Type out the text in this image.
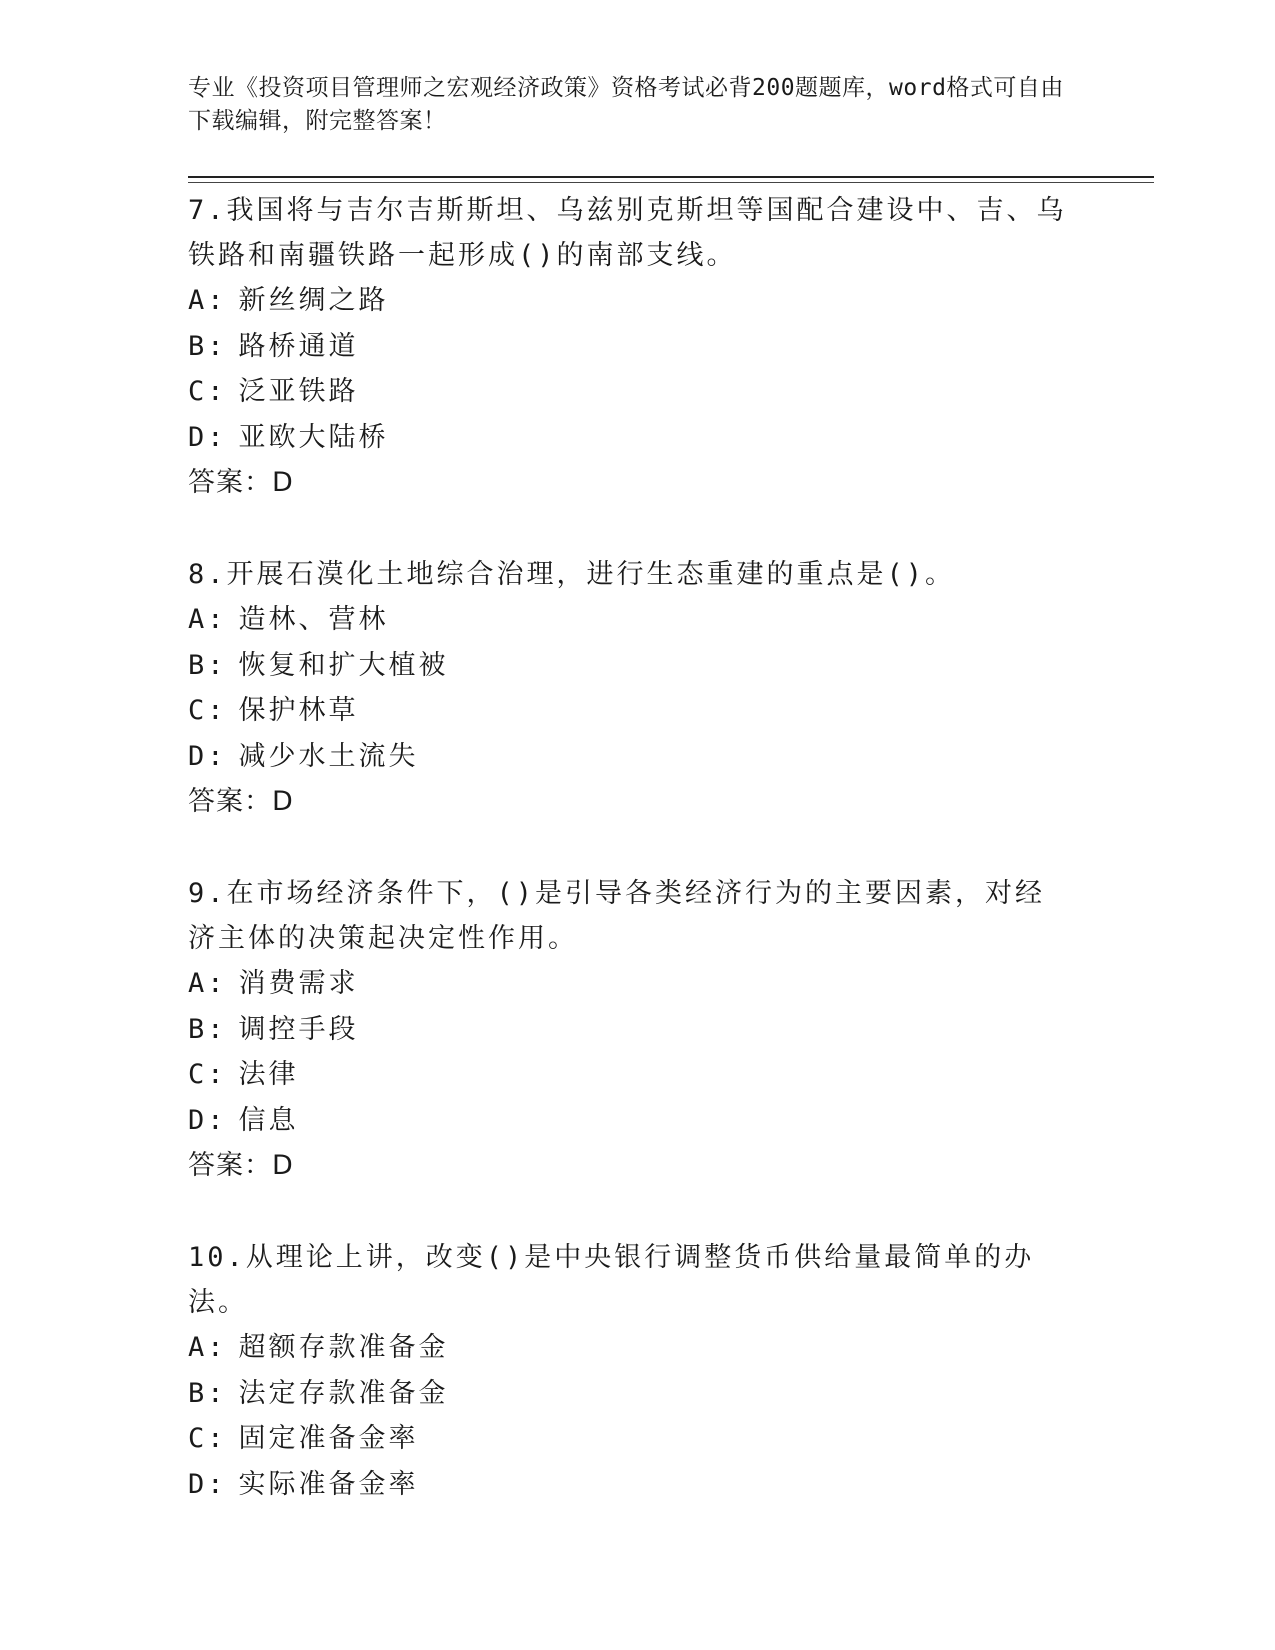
专业《投资项目管理师之宏观经济政策》资格考试必背200题题库，word格式可自由下载编辑，附完整答案！
7.我国将与吉尔吉斯斯坦、乌兹别克斯坦等国配合建设中、吉、乌铁路和南疆铁路一起形成()的南部支线。
A: 新丝绸之路
B: 路桥通道
C: 泛亚铁路
D: 亚欧大陆桥
答案：D
8.开展石漠化土地综合治理，进行生态重建的重点是()。
A: 造林、营林
B: 恢复和扩大植被
C: 保护林草
D: 减少水土流失
答案：D
9.在市场经济条件下，()是引导各类经济行为的主要因素，对经济主体的决策起决定性作用。
A: 消费需求
B: 调控手段
C: 法律
D: 信息
答案：D
10.从理论上讲，改变()是中央银行调整货币供给量最简单的办法。
A: 超额存款准备金
B: 法定存款准备金
C: 固定准备金率
D: 实际准备金率
